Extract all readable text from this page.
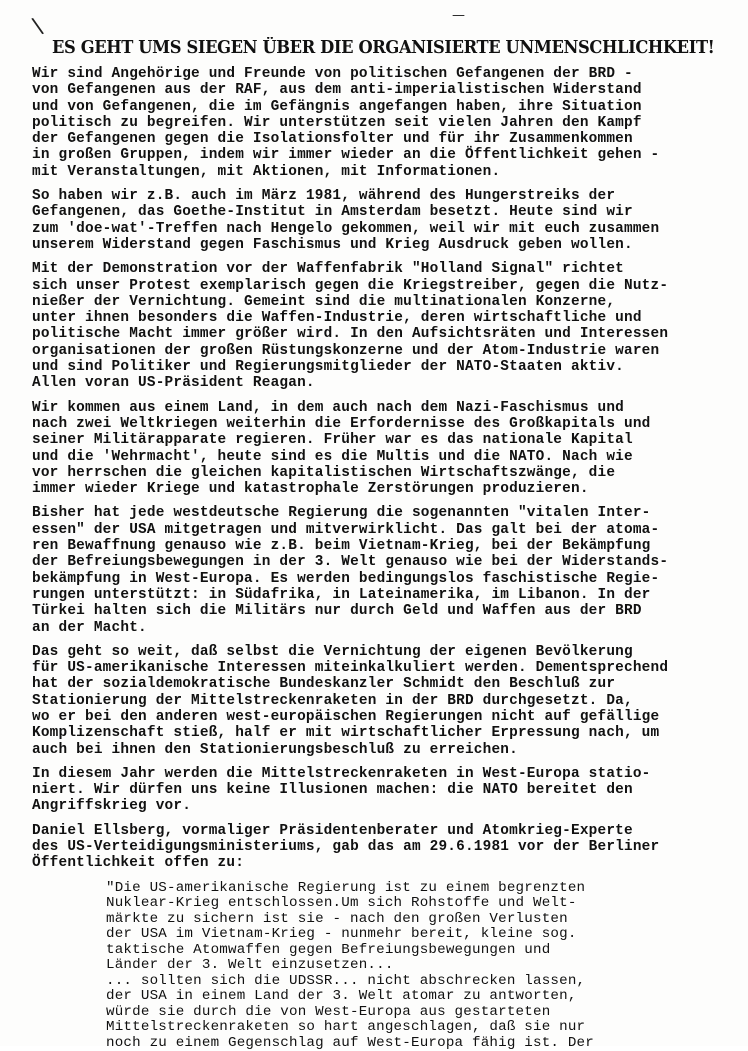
\	—
ES GEHT UMS SIEGEN ÜBER DIE ORGANISIERTE UNMENSCHLICHKEIT!

Wir sind Angehörige und Freunde von politischen Gefangenen der BRD -
von Gefangenen aus der RAF, aus dem anti-imperialistischen Widerstand
und von Gefangenen, die im Gefängnis angefangen haben, ihre Situation
politisch zu begreifen. Wir unterstützen seit vielen Jahren den Kampf
der Gefangenen gegen die Isolationsfolter und für ihr Zusammenkommen
in großen Gruppen, indem wir immer wieder an die Öffentlichkeit gehen -
mit Veranstaltungen, mit Aktionen, mit Informationen.

So haben wir z.B. auch im März 1981, während des Hungerstreiks der
Gefangenen, das Goethe-Institut in Amsterdam besetzt. Heute sind wir
zum 'doe-wat'-Treffen nach Hengelo gekommen, weil wir mit euch zusammen
unserem Widerstand gegen Faschismus und Krieg Ausdruck geben wollen.

Mit der Demonstration vor der Waffenfabrik "Holland Signal" richtet
sich unser Protest exemplarisch gegen die Kriegstreiber, gegen die Nutz-
nießer der Vernichtung. Gemeint sind die multinationalen Konzerne,
unter ihnen besonders die Waffen-Industrie, deren wirtschaftliche und
politische Macht immer größer wird. In den Aufsichtsräten und Interessen
organisationen der großen Rüstungskonzerne und der Atom-Industrie waren
und sind Politiker und Regierungsmitglieder der NATO-Staaten aktiv.
Allen voran US-Präsident Reagan.

Wir kommen aus einem Land, in dem auch nach dem Nazi-Faschismus und
nach zwei Weltkriegen weiterhin die Erfordernisse des Großkapitals und
seiner Militärapparate regieren. Früher war es das nationale Kapital
und die 'Wehrmacht', heute sind es die Multis und die NATO. Nach wie
vor herrschen die gleichen kapitalistischen Wirtschaftszwänge, die
immer wieder Kriege und katastrophale Zerstörungen produzieren.

Bisher hat jede westdeutsche Regierung die sogenannten "vitalen Inter-
essen" der USA mitgetragen und mitverwirklicht. Das galt bei der atoma-
ren Bewaffnung genauso wie z.B. beim Vietnam-Krieg, bei der Bekämpfung
der Befreiungsbewegungen in der 3. Welt genauso wie bei der Widerstands-
bekämpfung in West-Europa. Es werden bedingungslos faschistische Regie-
rungen unterstützt: in Südafrika, in Lateinamerika, im Libanon. In der
Türkei halten sich die Militärs nur durch Geld und Waffen aus der BRD
an der Macht.

Das geht so weit, daß selbst die Vernichtung der eigenen Bevölkerung
für US-amerikanische Interessen miteinkalkuliert werden. Dementsprechend
hat der sozialdemokratische Bundeskanzler Schmidt den Beschluß zur
Stationierung der Mittelstreckenraketen in der BRD durchgesetzt. Da,
wo er bei den anderen west-europäischen Regierungen nicht auf gefällige
Komplizenschaft stieß, half er mit wirtschaftlicher Erpressung nach, um
auch bei ihnen den Stationierungsbeschluß zu erreichen.

In diesem Jahr werden die Mittelstreckenraketen in West-Europa statio-
niert. Wir dürfen uns keine Illusionen machen: die NATO bereitet den
Angriffskrieg vor.

Daniel Ellsberg, vormaliger Präsidentenberater und Atomkrieg-Experte
des US-Verteidigungsministeriums, gab das am 29.6.1981 vor der Berliner
Öffentlichkeit offen zu:

"Die US-amerikanische Regierung ist zu einem begrenzten
Nuklear-Krieg entschlossen.Um sich Rohstoffe und Welt-
märkte zu sichern ist sie - nach den großen Verlusten
der USA im Vietnam-Krieg - nunmehr bereit, kleine sog.
taktische Atomwaffen gegen Befreiungsbewegungen und
Länder der 3. Welt einzusetzen...
... sollten sich die UDSSR... nicht abschrecken lassen,
der USA in einem Land der 3. Welt atomar zu antworten,
würde sie durch die von West-Europa aus gestarteten
Mittelstreckenraketen so hart angeschlagen, daß sie nur
noch zu einem Gegenschlag auf West-Europa fähig ist. Der
